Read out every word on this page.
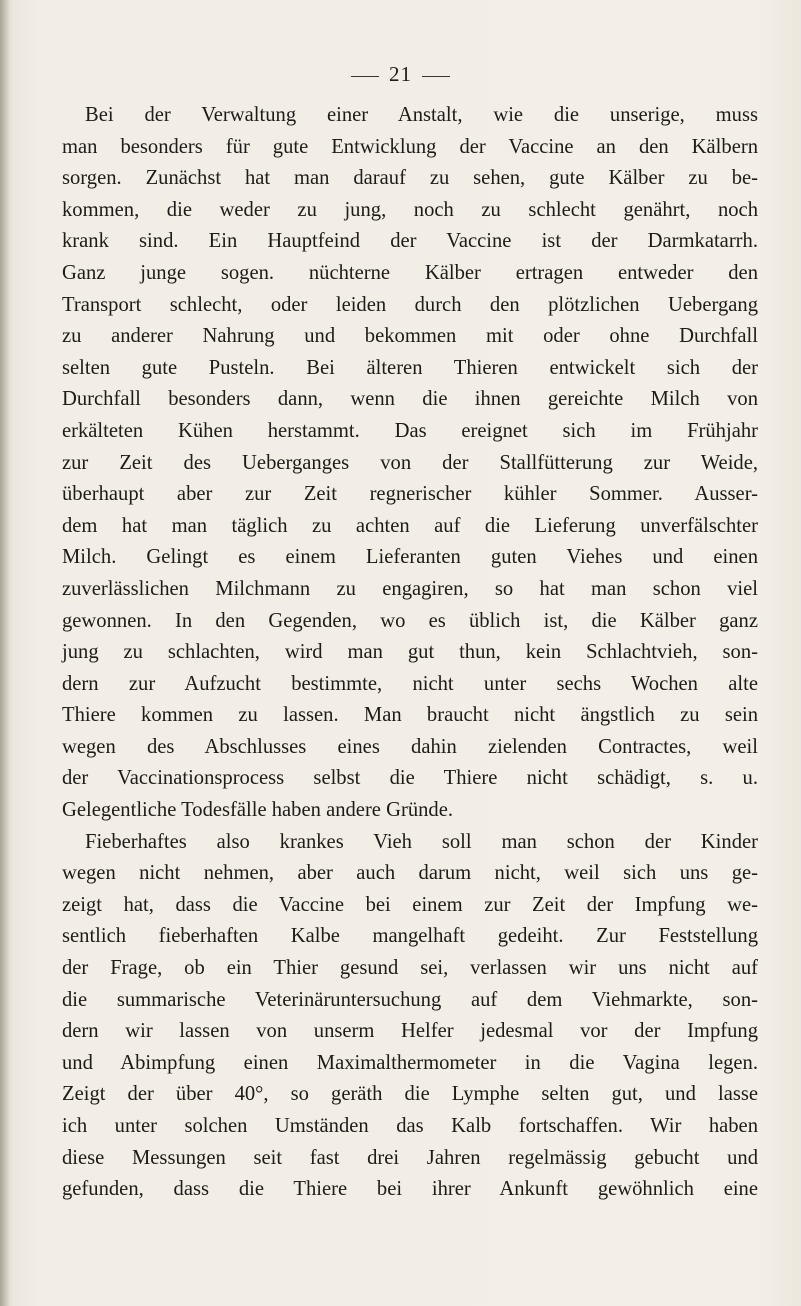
21
Bei der Verwaltung einer Anstalt, wie die unserige, muss
man besonders für gute Entwicklung der Vaccine an den Kälbern
sorgen. Zunächst hat man darauf zu sehen, gute Kälber zu be-
kommen, die weder zu jung, noch zu schlecht genährt, noch
krank sind. Ein Hauptfeind der Vaccine ist der Darmkatarrh.
Ganz junge sogen. nüchterne Kälber ertragen entweder den
Transport schlecht, oder leiden durch den plötzlichen Uebergang
zu anderer Nahrung und bekommen mit oder ohne Durchfall
selten gute Pusteln. Bei älteren Thieren entwickelt sich der
Durchfall besonders dann, wenn die ihnen gereichte Milch von
erkälteten Kühen herstammt. Das ereignet sich im Frühjahr
zur Zeit des Ueberganges von der Stallfütterung zur Weide,
überhaupt aber zur Zeit regnerischer kühler Sommer. Ausser-
dem hat man täglich zu achten auf die Lieferung unverfälschter
Milch. Gelingt es einem Lieferanten guten Viehes und einen
zuverlässlichen Milchmann zu engagiren, so hat man schon viel
gewonnen. In den Gegenden, wo es üblich ist, die Kälber ganz
jung zu schlachten, wird man gut thun, kein Schlachtvieh, son-
dern zur Aufzucht bestimmte, nicht unter sechs Wochen alte
Thiere kommen zu lassen. Man braucht nicht ängstlich zu sein
wegen des Abschlusses eines dahin zielenden Contractes, weil
der Vaccinationsprocess selbst die Thiere nicht schädigt, s. u.
Gelegentliche Todesfälle haben andere Gründe.
Fieberhaftes also krankes Vieh soll man schon der Kinder
wegen nicht nehmen, aber auch darum nicht, weil sich uns ge-
zeigt hat, dass die Vaccine bei einem zur Zeit der Impfung we-
sentlich fieberhaften Kalbe mangelhaft gedeiht. Zur Feststellung
der Frage, ob ein Thier gesund sei, verlassen wir uns nicht auf
die summarische Veterinäruntersuchung auf dem Viehmarkte, son-
dern wir lassen von unserm Helfer jedesmal vor der Impfung
und Abimpfung einen Maximalthermometer in die Vagina legen.
Zeigt der über 40°, so geräth die Lymphe selten gut, und lasse
ich unter solchen Umständen das Kalb fortschaffen. Wir haben
diese Messungen seit fast drei Jahren regelmässig gebucht und
gefunden, dass die Thiere bei ihrer Ankunft gewöhnlich eine
